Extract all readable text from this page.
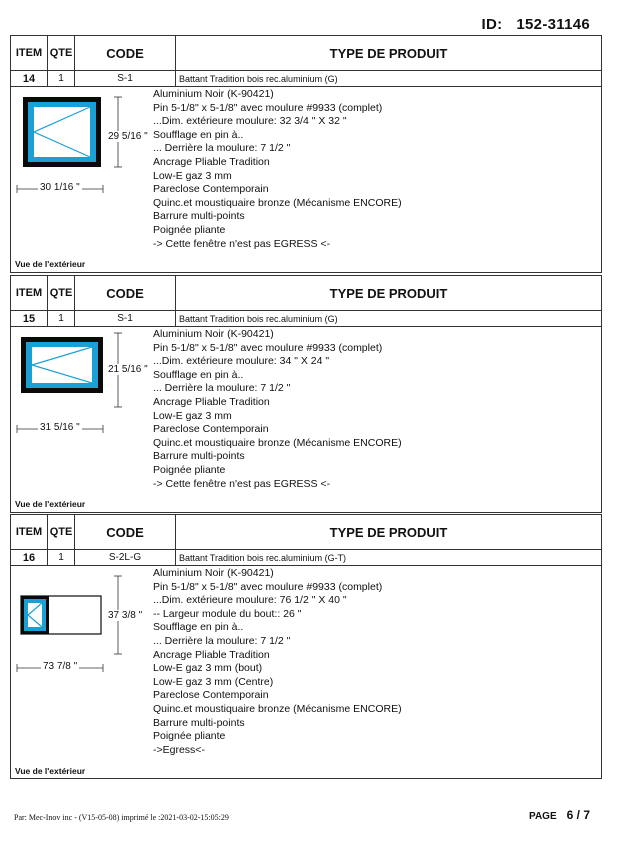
ID: 152-31146
ITEM QTE	CODE	TYPE DE PRODUIT
14	1	S-1	Battant Tradition bois rec.aluminium (G)
29 5/16 "
30 1/16 "
Aluminium Noir (K-90421)
Pin 5-1/8" x 5-1/8" avec moulure #9933 (complet)
...Dim. extérieure moulure: 32 3/4 " X 32 "
Soufflage en pin à..
... Derrière la moulure: 7 1/2 "
Ancrage Pliable Tradition
Low-E gaz 3 mm
Pareclose Contemporain
Quinc.et moustiquaire bronze (Mécanisme ENCORE)
Barrure multi-points
Poignée pliante
-> Cette fenêtre n'est pas EGRESS <-
Vue de l'extérieur
ITEM QTE	CODE	TYPE DE PRODUIT
15	1	S-1	Battant Tradition bois rec.aluminium (G)
21 5/16 "
31 5/16 "
Aluminium Noir (K-90421)
Pin 5-1/8" x 5-1/8" avec moulure #9933 (complet)
...Dim. extérieure moulure: 34 " X 24 "
Soufflage en pin à..
... Derrière la moulure: 7 1/2 "
Ancrage Pliable Tradition
Low-E gaz 3 mm
Pareclose Contemporain
Quinc.et moustiquaire bronze (Mécanisme ENCORE)
Barrure multi-points
Poignée pliante
-> Cette fenêtre n'est pas EGRESS <-
Vue de l'extérieur
ITEM QTE	CODE	TYPE DE PRODUIT
16	1	S-2L-G	Battant Tradition bois rec.aluminium (G-T)
37 3/8 "
73 7/8 "
Aluminium Noir (K-90421)
Pin 5-1/8" x 5-1/8" avec moulure #9933 (complet)
...Dim. extérieure moulure: 76 1/2 " X 40 "
-- Largeur module du bout:: 26 "
Soufflage en pin à..
... Derrière la moulure: 7 1/2 "
Ancrage Pliable Tradition
Low-E gaz 3 mm (bout)
Low-E gaz 3 mm (Centre)
Pareclose Contemporain
Quinc.et moustiquaire bronze (Mécanisme ENCORE)
Barrure multi-points
Poignée pliante
->Egress<-
Vue de l'extérieur
Par: Mec-Inov inc - (V15-05-08) imprimé le :2021-03-02-15:05:29	PAGE 6 / 7
